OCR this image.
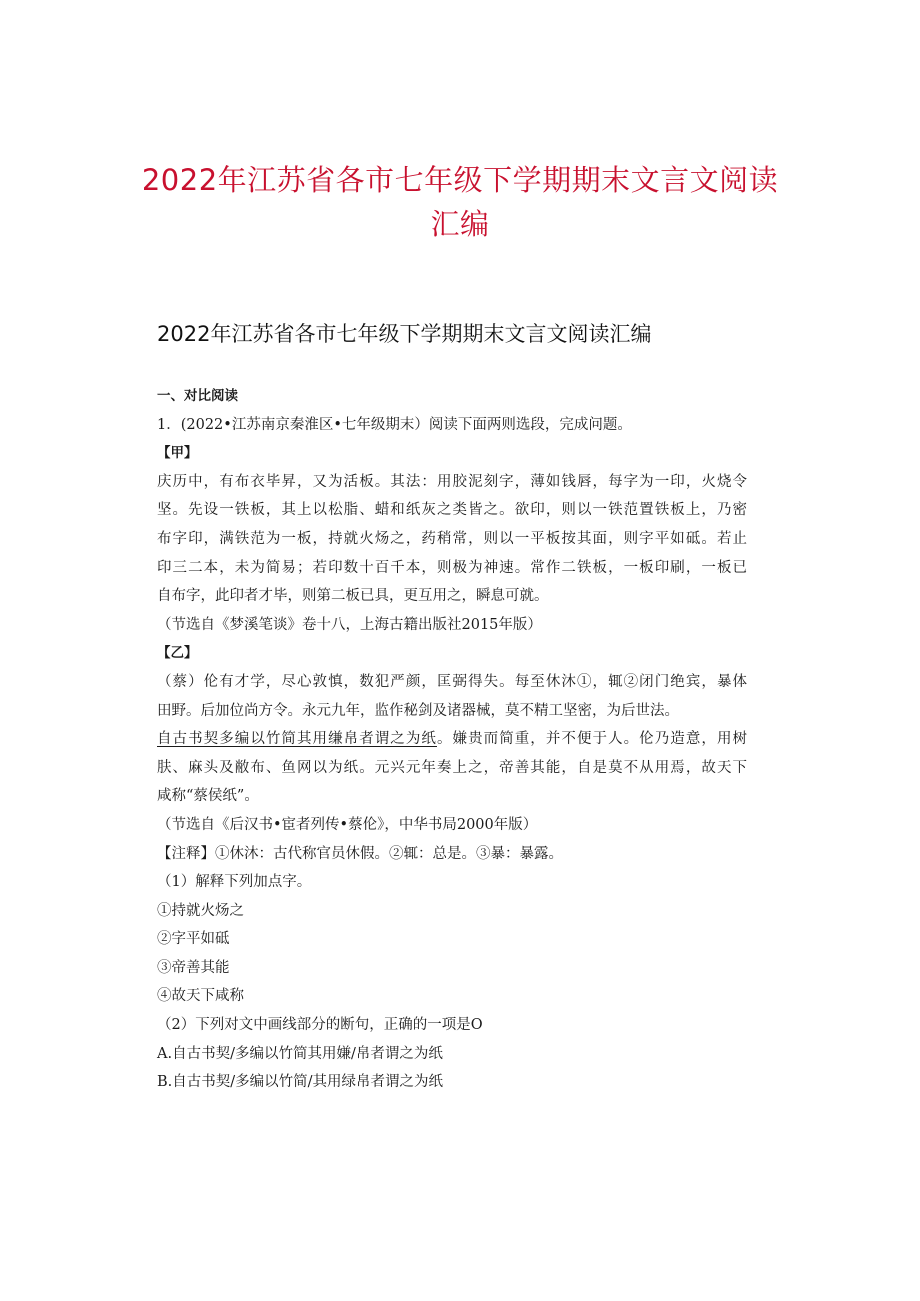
2022年江苏省各市七年级下学期期末文言文阅读
汇编
2022年江苏省各市七年级下学期期末文言文阅读汇编

一、对比阅读

1．(2022•江苏南京秦淮区•七年级期末）阅读下面两则选段，完成问题。

【甲】

庆历中，有布衣毕昇，又为活板。其法：用胶泥刻字，薄如钱唇，每字为一印，火烧令

坚。先设一铁板，其上以松脂、蜡和纸灰之类皆之。欲印，则以一铁范置铁板上，乃密

布字印，满铁范为一板，持就火炀之，药稍常，则以一平板按其面，则字平如砥。若止

印三二本，未为简易；若印数十百千本，则极为神速。常作二铁板，一板印刷，一板已

自布字，此印者才毕，则第二板已具，更互用之，瞬息可就。

（节选自《梦溪笔谈》卷十八，上海古籍出版社2015年版）

【乙】

（蔡）伦有才学，尽心敦慎，数犯严颜，匡弼得失。每至休沐①，辄②闭门绝宾，暴体

田野。后加位尚方令。永元九年，监作秘剑及诸器械，莫不精工坚密，为后世法。

自古书契多编以竹简其用缣帛者谓之为纸。嫌贵而简重，并不便于人。伦乃造意，用树

肤、麻头及敝布、鱼网以为纸。元兴元年奏上之，帝善其能，自是莫不从用焉，故天下

咸称“蔡侯纸”。

（节选自《后汉书•宦者列传•蔡伦》，中华书局2000年版）

【注释】①休沐：古代称官员休假。②辄：总是。③暴：暴露。

（1）解释下列加点字。

①持就火炀之

②字平如砥

③帝善其能

④故天下咸称

（2）下列对文中画线部分的断句，正确的一项是O

A.自古书契/多编以竹简其用嫌/帛者谓之为纸

B.自古书契/多编以竹简/其用绿帛者谓之为纸
